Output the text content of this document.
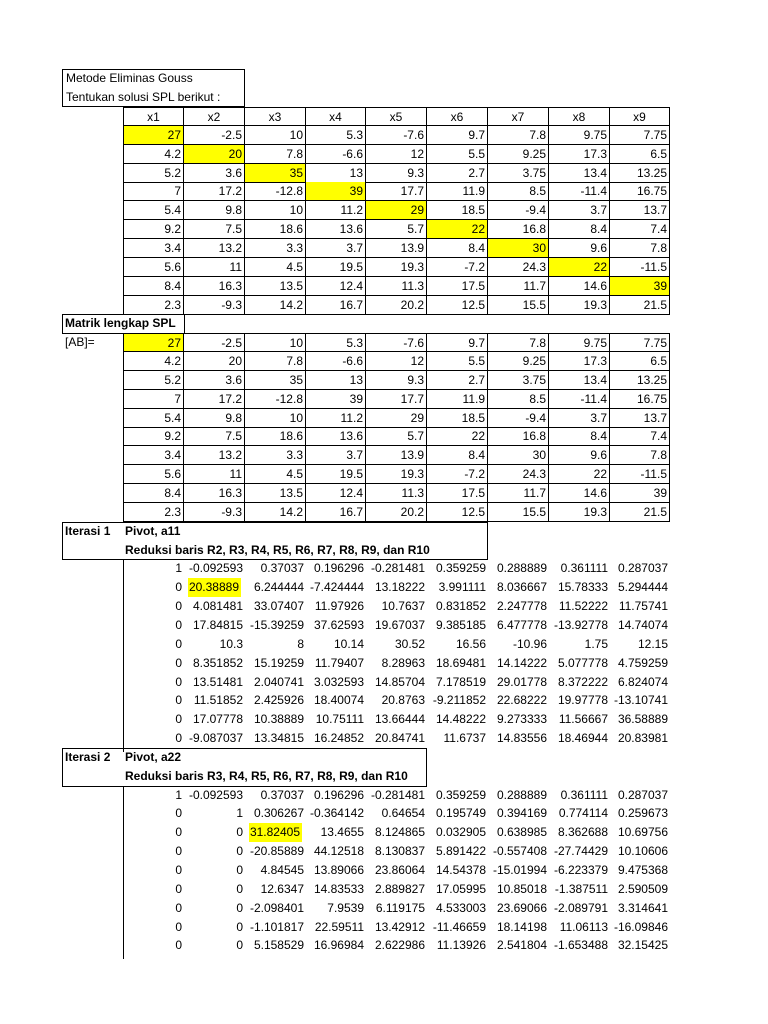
Metode Eliminas Gouss
Tentukan solusi SPL berikut :
x1	x2	x3	x4	x5	x6	x7	x8	x9
27	-2.5	10	5.3	-7.6	9.7	7.8	9.75	7.75
4.2	20	7.8	-6.6	12	5.5	9.25	17.3	6.5
5.2	3.6	35	13	9.3	2.7	3.75	13.4	13.25
7	17.2	-12.8	39	17.7	11.9	8.5	-11.4	16.75
5.4	9.8	10	11.2	29	18.5	-9.4	3.7	13.7
9.2	7.5	18.6	13.6	5.7	22	16.8	8.4	7.4
3.4	13.2	3.3	3.7	13.9	8.4	30	9.6	7.8
5.6	11	4.5	19.5	19.3	-7.2	24.3	22	-11.5
8.4	16.3	13.5	12.4	11.3	17.5	11.7	14.6	39
2.3	-9.3	14.2	16.7	20.2	12.5	15.5	19.3	21.5
Matrik lengkap SPL
[AB]=	27	-2.5	10	5.3	-7.6	9.7	7.8	9.75	7.75
4.2	20	7.8	-6.6	12	5.5	9.25	17.3	6.5
5.2	3.6	35	13	9.3	2.7	3.75	13.4	13.25
7	17.2	-12.8	39	17.7	11.9	8.5	-11.4	16.75
5.4	9.8	10	11.2	29	18.5	-9.4	3.7	13.7
9.2	7.5	18.6	13.6	5.7	22	16.8	8.4	7.4
3.4	13.2	3.3	3.7	13.9	8.4	30	9.6	7.8
5.6	11	4.5	19.5	19.3	-7.2	24.3	22	-11.5
8.4	16.3	13.5	12.4	11.3	17.5	11.7	14.6	39
2.3	-9.3	14.2	16.7	20.2	12.5	15.5	19.3	21.5
Iterasi 1	Pivot, a11
Reduksi baris R2, R3, R4, R5, R6, R7, R8, R9, dan R10
1 -0.092593	0.37037 0.196296 -0.281481 0.359259 0.288889	0.361111 0.287037
0 20.38889	6.244444 -7.424444 13.18222	3.991111 8.036667 15.78333 5.294444
0 4.081481 33.07407 11.97926	10.7637 0.831852 2.247778 11.52222 11.75741
0 17.84815 -15.39259 37.62593 19.67037 9.385185 6.477778 -13.92778 14.74074
0	10.3	8	10.14	30.52	16.56	-10.96	1.75	12.15
0 8.351852 15.19259 11.79407	8.28963 18.69481 14.14222 5.077778 4.759259
0 13.51481 2.040741 3.032593 14.85704 7.178519 29.01778 8.372222 6.824074
0 11.51852 2.425926 18.40074	20.8763 -9.211852 22.68222 19.97778 -13.10741
0 17.07778 10.38889 10.75111 13.66444 14.48222 9.273333 11.56667 36.58889
0 -9.087037 13.34815 16.24852 20.84741	11.6737 14.83556 18.46944 20.83981
Iterasi 2	Pivot, a22
Reduksi baris R3, R4, R5, R6, R7, R8, R9, dan R10
1 -0.092593	0.37037 0.196296 -0.281481 0.359259 0.288889	0.361111 0.287037
0	1 0.306267 -0.364142	0.64654 0.195749 0.394169 0.774114 0.259673
0	0 31.82405	13.4655 8.124865 0.032905 0.638985 8.362688 10.69756
0	0 -20.85889 44.12518 8.130837 5.891422 -0.557408 -27.74429 10.10606
0	0	4.84545 13.89066 23.86064 14.54378 -15.01994 -6.223379 9.475368
0	0	12.6347 14.83533 2.889827 17.05995 10.85018 -1.387511 2.590509
0	0 -2.098401	7.9539 6.119175 4.533003 23.69066 -2.089791 3.314641
0	0 -1.101817 22.59511 13.42912 -11.46659 18.14198	11.06113 -16.09846
0	0 5.158529 16.96984 2.622986 11.13926 2.541804 -1.653488 32.15425
